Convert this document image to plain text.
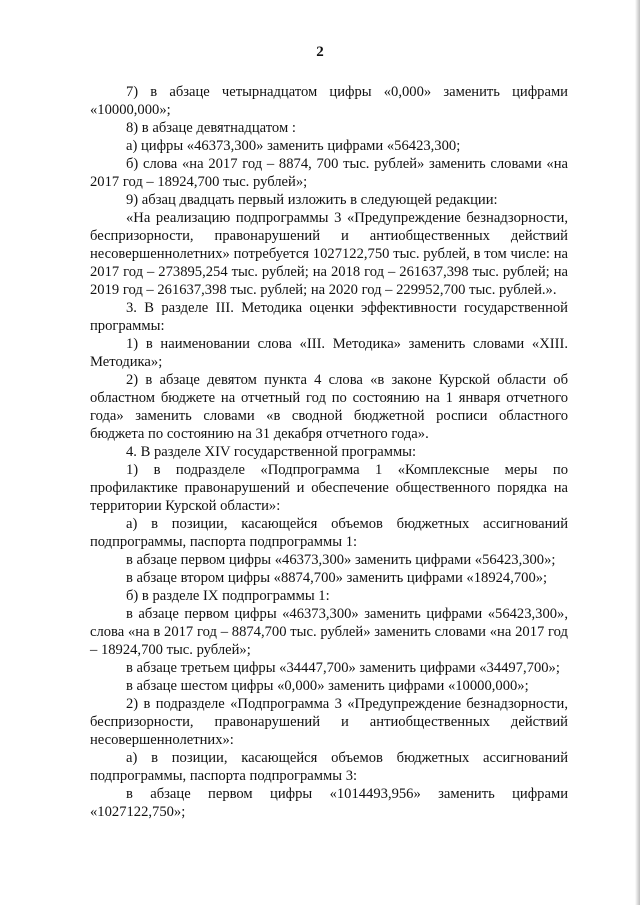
2

7) в абзаце четырнадцатом цифры «0,000» заменить цифрами «10000,000»;

8) в абзаце девятнадцатом :

а) цифры «46373,300» заменить цифрами «56423,300;

б) слова «на 2017 год – 8874, 700 тыс. рублей» заменить словами «на 2017 год – 18924,700 тыс. рублей»;

9) абзац двадцать первый изложить в следующей редакции:

«На реализацию подпрограммы 3 «Предупреждение безнадзорности, беспризорности, правонарушений и антиобщественных действий несовершеннолетних» потребуется 1027122,750 тыс. рублей, в том числе: на 2017 год – 273895,254 тыс. рублей; на 2018 год – 261637,398 тыс. рублей; на 2019 год – 261637,398 тыс. рублей; на 2020 год – 229952,700 тыс. рублей.».

3. В разделе III. Методика оценки эффективности государственной программы:

1) в наименовании слова «III. Методика» заменить словами «XIII. Методика»;

2) в абзаце девятом пункта 4 слова «в законе Курской области об областном бюджете на отчетный год по состоянию на 1 января отчетного года» заменить словами «в сводной бюджетной росписи областного бюджета по состоянию на 31 декабря отчетного года».

4. В разделе XIV государственной программы:

1) в подразделе «Подпрограмма 1 «Комплексные меры по профилактике правонарушений и обеспечение общественного порядка на территории Курской области»:

а) в позиции, касающейся объемов бюджетных ассигнований подпрограммы, паспорта подпрограммы 1:

в абзаце первом цифры «46373,300» заменить цифрами «56423,300»;

в абзаце втором цифры «8874,700» заменить цифрами «18924,700»;

б) в разделе IX подпрограммы 1:

в абзаце первом цифры «46373,300» заменить цифрами «56423,300», слова «на в 2017 год – 8874,700 тыс. рублей» заменить словами «на 2017 год – 18924,700 тыс. рублей»;

в абзаце третьем цифры «34447,700» заменить цифрами «34497,700»;

в абзаце шестом цифры «0,000» заменить цифрами «10000,000»;

2) в подразделе «Подпрограмма 3 «Предупреждение безнадзорности, беспризорности, правонарушений и антиобщественных действий несовершеннолетних»:

а) в позиции, касающейся объемов бюджетных ассигнований подпрограммы, паспорта подпрограммы 3:

в абзаце первом цифры «1014493,956» заменить цифрами «1027122,750»;
